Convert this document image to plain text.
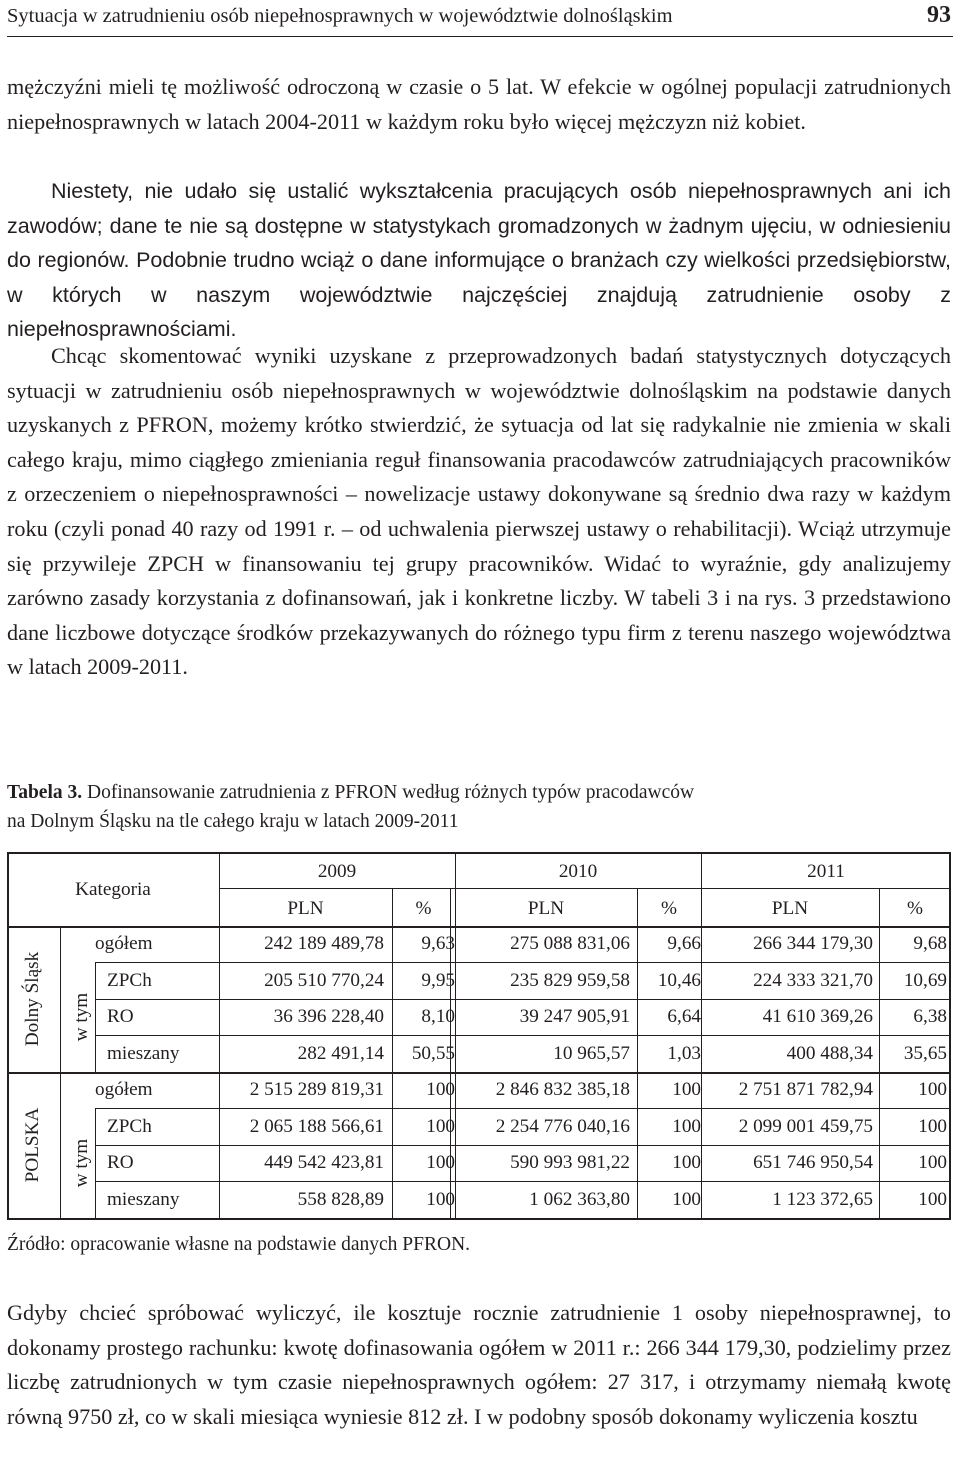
Sytuacja w zatrudnieniu osób niepełnosprawnych w województwie dolnośląskim	93
mężczyźni mieli tę możliwość odroczoną w czasie o 5 lat. W efekcie w ogólnej populacji zatrudnionych niepełnosprawnych w latach 2004-2011 w każdym roku było więcej mężczyzn niż kobiet.
Niestety, nie udało się ustalić wykształcenia pracujących osób niepełnosprawnych ani ich zawodów; dane te nie są dostępne w statystykach gromadzonych w żadnym ujęciu, w odniesieniu do regionów. Podobnie trudno wciąż o dane informujące o branżach czy wielkości przedsiębiorstw, w których w naszym województwie najczęściej znajdują zatrudnienie osoby z niepełnosprawnościami.
Chcąc skomentować wyniki uzyskane z przeprowadzonych badań statystycznych dotyczących sytuacji w zatrudnieniu osób niepełnosprawnych w województwie dolnośląskim na podstawie danych uzyskanych z PFRON, możemy krótko stwierdzić, że sytuacja od lat się radykalnie nie zmienia w skali całego kraju, mimo ciągłego zmieniania reguł finansowania pracodawców zatrudniających pracowników z orzeczeniem o niepełnosprawności – nowelizacje ustawy dokonywane są średnio dwa razy w każdym roku (czyli ponad 40 razy od 1991 r. – od uchwalenia pierwszej ustawy o rehabilitacji). Wciąż utrzymuje się przywileje ZPCH w finansowaniu tej grupy pracowników. Widać to wyraźnie, gdy analizujemy zarówno zasady korzystania z dofinansowań, jak i konkretne liczby. W tabeli 3 i na rys. 3 przedstawiono dane liczbowe dotyczące środków przekazywanych do różnego typu firm z terenu naszego województwa w latach 2009-2011.
Tabela 3. Dofinansowanie zatrudnienia z PFRON według różnych typów pracodawców
na Dolnym Śląsku na tle całego kraju w latach 2009-2011
Kategoria
2009	2010	2011
PLN	%	PLN	%	PLN	%
Dolny Śląsk
POLSKA
w tym
w tym
ogółem	242 189 489,78	9,63	275 088 831,06	9,66	266 344 179,30	9,68
ZPCh	205 510 770,24	9,95	235 829 959,58	10,46	224 333 321,70	10,69
RO	36 396 228,40	8,10	39 247 905,91	6,64	41 610 369,26	6,38
mieszany	282 491,14	50,55	10 965,57	1,03	400 488,34	35,65
ogółem	2 515 289 819,31	100	2 846 832 385,18	100	2 751 871 782,94	100
ZPCh	2 065 188 566,61	100	2 254 776 040,16	100	2 099 001 459,75	100
RO	449 542 423,81	100	590 993 981,22	100	651 746 950,54	100
mieszany	558 828,89	100	1 062 363,80	100	1 123 372,65	100
Źródło: opracowanie własne na podstawie danych PFRON.
Gdyby chcieć spróbować wyliczyć, ile kosztuje rocznie zatrudnienie 1 osoby niepełnosprawnej, to dokonamy prostego rachunku: kwotę dofinasowania ogółem w 2011 r.: 266 344 179,30, podzielimy przez liczbę zatrudnionych w tym czasie niepełnosprawnych ogółem: 27 317, i otrzymamy niemałą kwotę równą 9750 zł, co w skali miesiąca wyniesie 812 zł. I w podobny sposób dokonamy wyliczenia kosztu
